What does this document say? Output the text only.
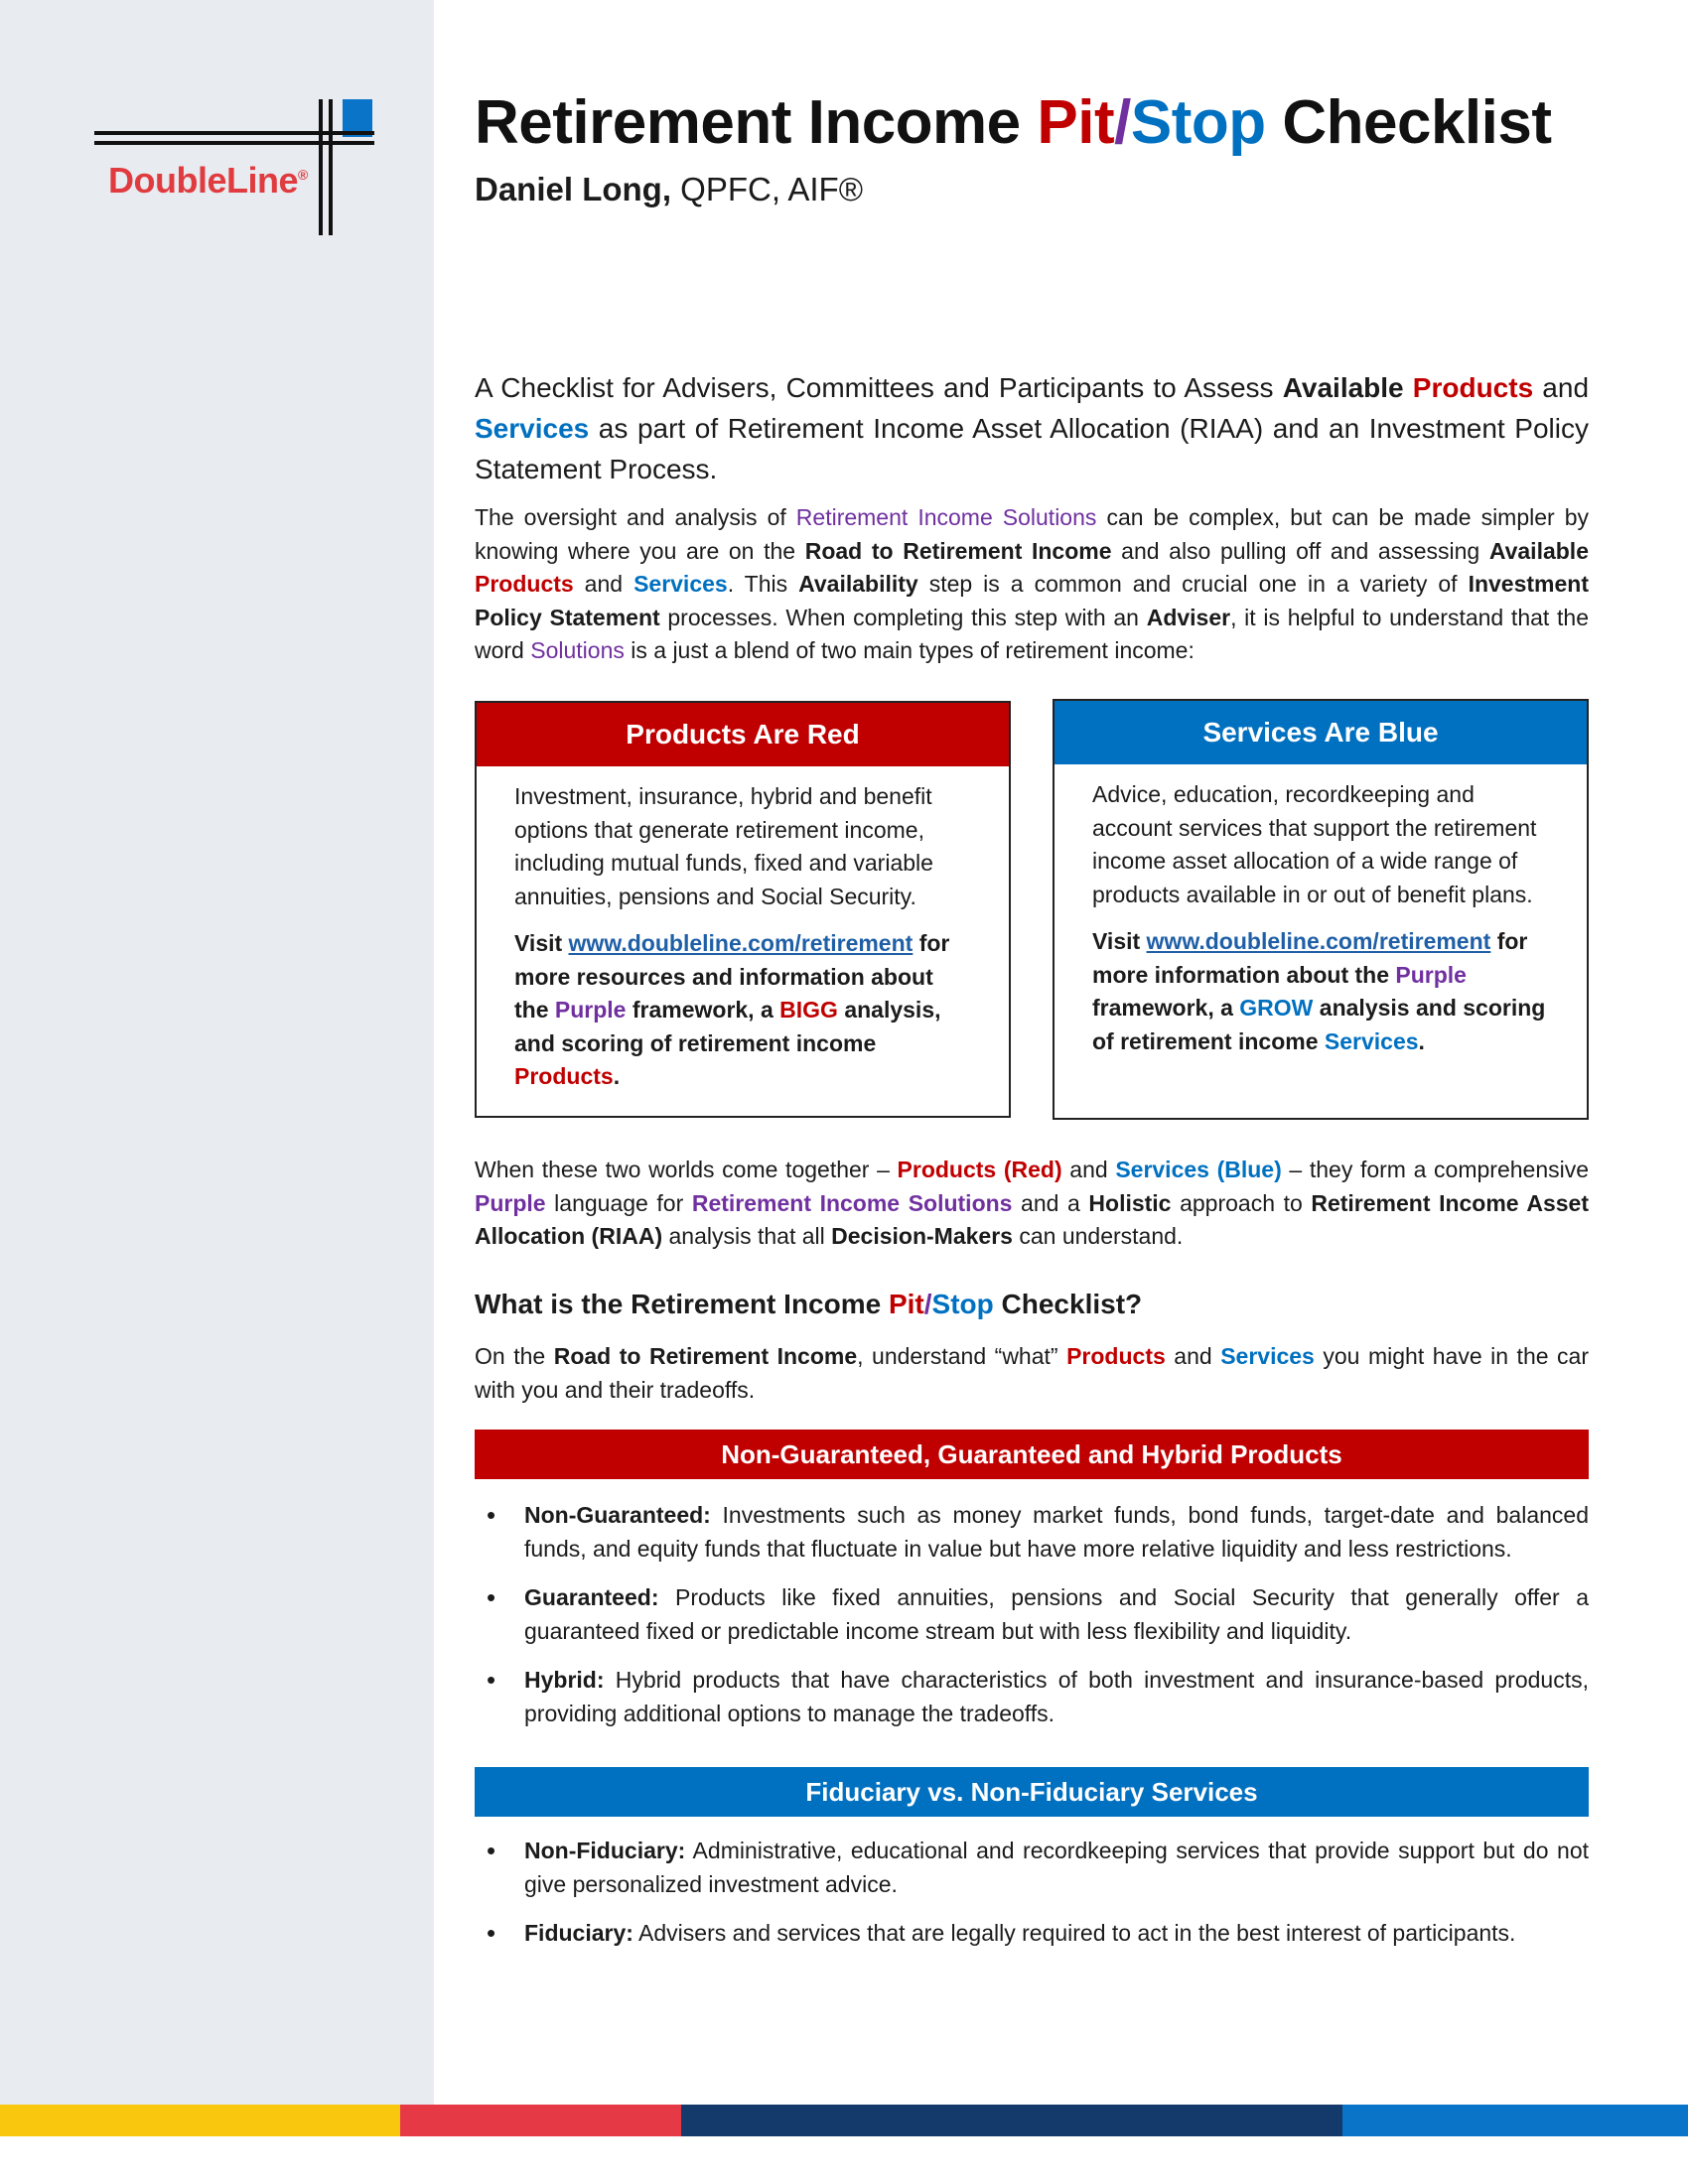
DoubleLine®
Retirement Income Pit/Stop Checklist
Daniel Long, QPFC, AIF®

A Checklist for Advisers, Committees and Participants to Assess Available Products and Services as part of Retirement Income Asset Allocation (RIAA) and an Investment Policy Statement Process.

The oversight and analysis of Retirement Income Solutions can be complex, but can be made simpler by knowing where you are on the Road to Retirement Income and also pulling off and assessing Available Products and Services. This Availability step is a common and crucial one in a variety of Investment Policy Statement processes. When completing this step with an Adviser, it is helpful to understand that the word Solutions is a just a blend of two main types of retirement income:

Products Are Red

Investment, insurance, hybrid and benefit options that generate retirement income, including mutual funds, fixed and variable annuities, pensions and Social Security.

Visit www.doubleline.com/retirement for more resources and information about the Purple framework, a BIGG analysis, and scoring of retirement income Products.

Services Are Blue

Advice, education, recordkeeping and account services that support the retirement income asset allocation of a wide range of products available in or out of benefit plans.

Visit www.doubleline.com/retirement for more information about the Purple framework, a GROW analysis and scoring of retirement income Services.

When these two worlds come together – Products (Red) and Services (Blue) – they form a comprehensive Purple language for Retirement Income Solutions and a Holistic approach to Retirement Income Asset Allocation (RIAA) analysis that all Decision-Makers can understand.

What is the Retirement Income Pit/Stop Checklist?

On the Road to Retirement Income, understand “what” Products and Services you might have in the car with you and their tradeoffs.

Non-Guaranteed, Guaranteed and Hybrid Products
• Non-Guaranteed: Investments such as money market funds, bond funds, target-date and balanced funds, and equity funds that fluctuate in value but have more relative liquidity and less restrictions.
• Guaranteed: Products like fixed annuities, pensions and Social Security that generally offer a guaranteed fixed or predictable income stream but with less flexibility and liquidity.
• Hybrid: Hybrid products that have characteristics of both investment and insurance-based products, providing additional options to manage the tradeoffs.
Fiduciary vs. Non-Fiduciary Services
• Non-Fiduciary: Administrative, educational and recordkeeping services that provide support but do not give personalized investment advice.
• Fiduciary: Advisers and services that are legally required to act in the best interest of participants.
